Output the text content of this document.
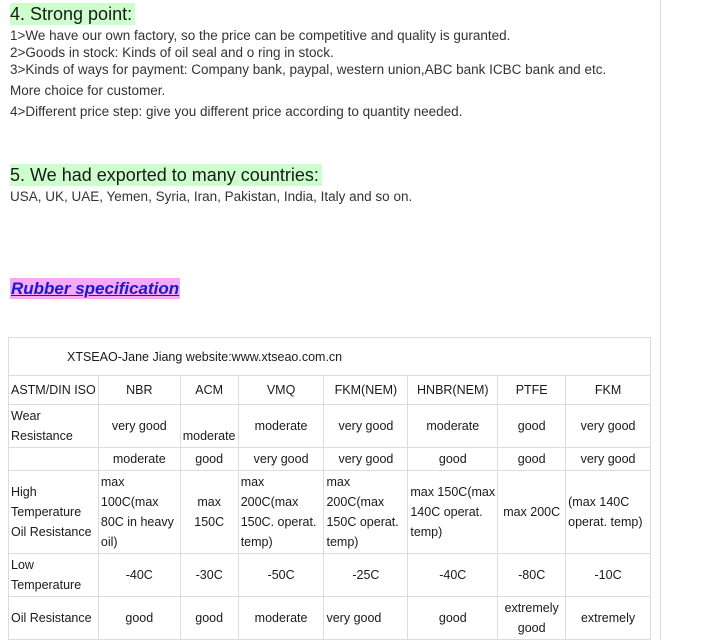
4. Strong point:
1>We have our own factory, so the price can be competitive and quality is guranted.
2>Goods in stock: Kinds of oil seal and o ring in stock.
3>Kinds of ways for payment: Company bank, paypal, western union,ABC bank ICBC bank and etc.
More choice for customer.
4>Different price step: give you different price according to quantity needed.
5. We had exported to many countries:
USA, UK, UAE, Yemen, Syria, Iran, Pakistan, India, Italy and so on.
Rubber specification
XTSEAO-Jane Jiang website:www.xtseao.com.cn							
ASTM/DIN ISO	NBR	ACM	VMQ	FKM(NEM)	HNBR(NEM)	PTFE	FKM
Wear Resistance	very good	moderate	moderate	very good	moderate	good	very good
	moderate	good	very good	very good	good	good	very good
High Temperature Oil Resistance	max 100C(max 80C in heavy oil)	max 150C	max 200C(max 150C. operat. temp)	max 200C(max 150C operat. temp)	max 150C(max 140C operat. temp)	max 200C	(max 140C operat. temp)
Low Temperature	-40C	-30C	-50C	-25C	-40C	-80C	-10C
Oil Resistance	good	good	moderate	very good	good	extremely good	extremely
